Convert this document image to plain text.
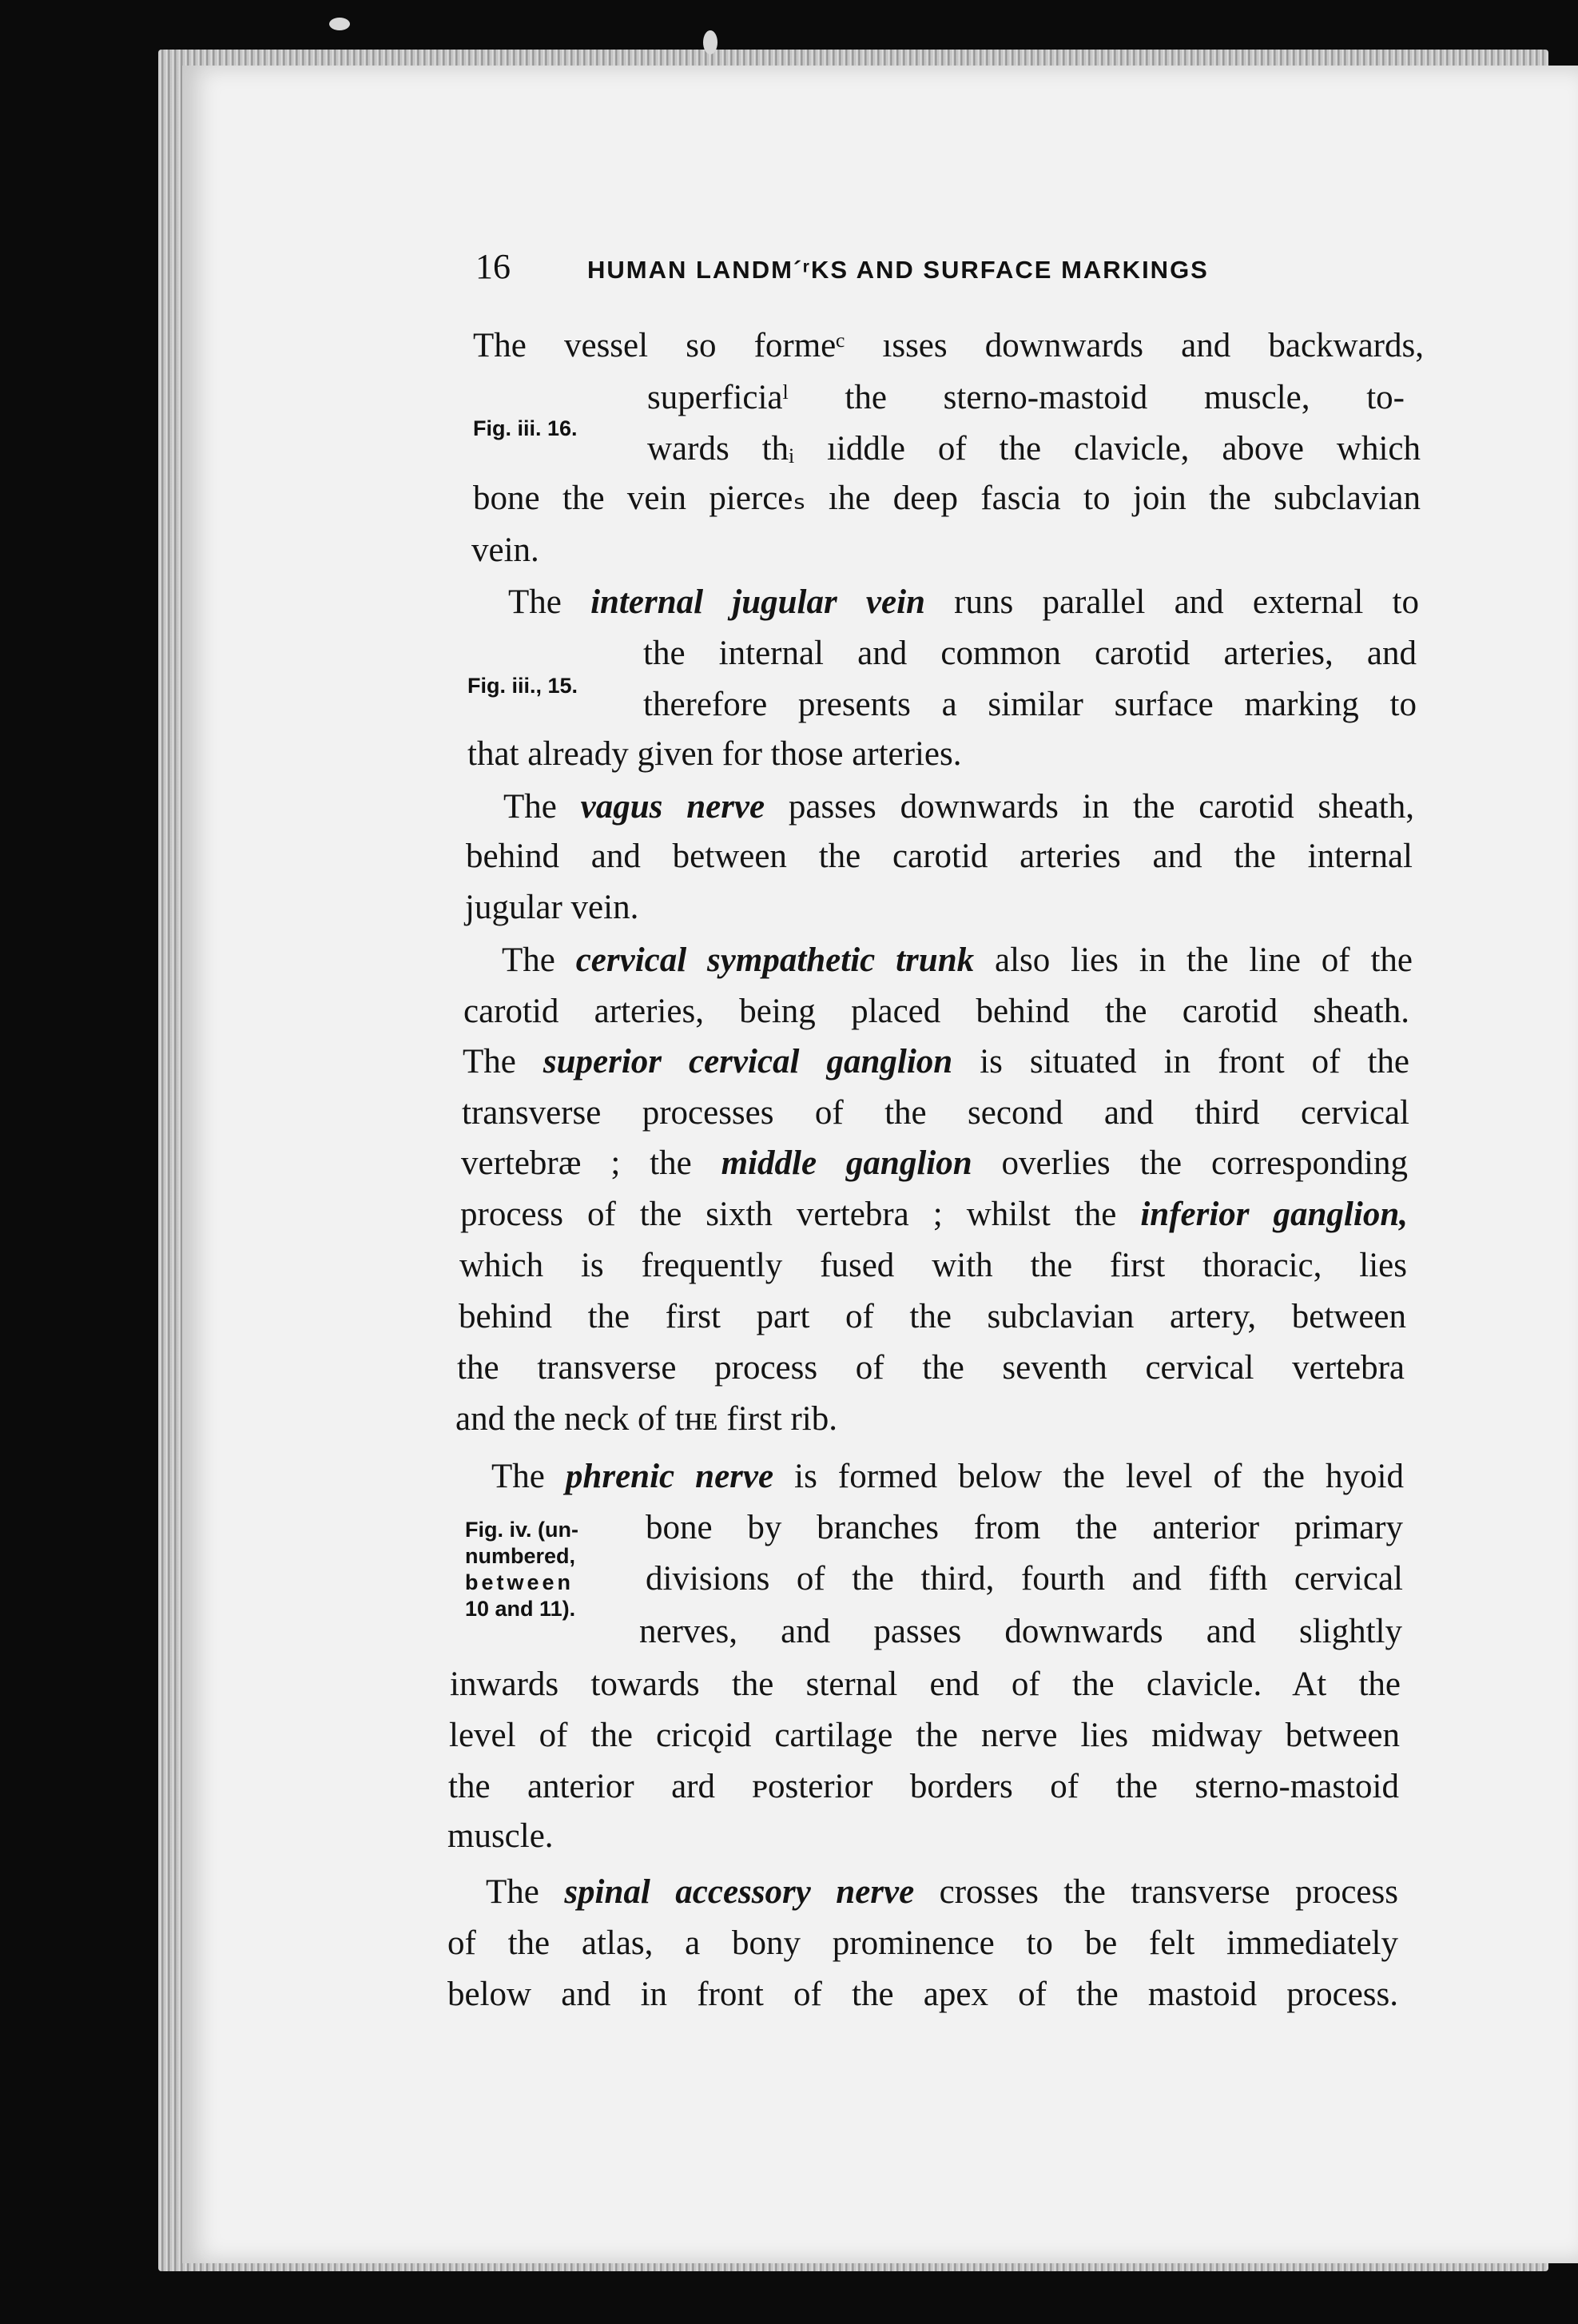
16	HUMAN LANDM´ʳKS AND SURFACE MARKINGS
The vessel so formeᶜ ısses downwards and backwards,
superficiaˡ the sterno-mastoid muscle, to-
wards thᵢ ıiddle of the clavicle, above which
bone the vein pierceₛ ıhe deep fascia to join the subclavian
vein.
Fig. iii. 16.
The internal jugular vein runs parallel and external to
the internal and common carotid arteries, and
therefore presents a similar surface marking to
that already given for those arteries.
Fig. iii., 15.
The vagus nerve passes downwards in the carotid sheath,
behind and between the carotid arteries and the internal
jugular vein.
The cervical sympathetic trunk also lies in the line of the
carotid arteries, being placed behind the carotid sheath.
The superior cervical ganglion is situated in front of the
transverse processes of the second and third cervical
vertebræ ; the middle ganglion overlies the corresponding
process of the sixth vertebra ; whilst the inferior ganglion,
which is frequently fused with the first thoracic, lies
behind the first part of the subclavian artery, between
the transverse process of the seventh cervical vertebra
and the neck of tʜᴇ first rib.
The phrenic nerve is formed below the level of the hyoid
bone by branches from the anterior primary
divisions of the third, fourth and fifth cervical
nerves, and passes downwards and slightly
inwards towards the sternal end of the clavicle. At the
level of the cricǫid cartilage the nerve lies midway between
the anterior ard ᴘᴏsterior borders of the sterno-mastoid
muscle.
Fig. iv. (un-
numbered,
between
10 and 11).
The spinal accessory nerve crosses the transverse process
of the atlas, a bony prominence to be felt immediately
below and in front of the apex of the mastoid process.
